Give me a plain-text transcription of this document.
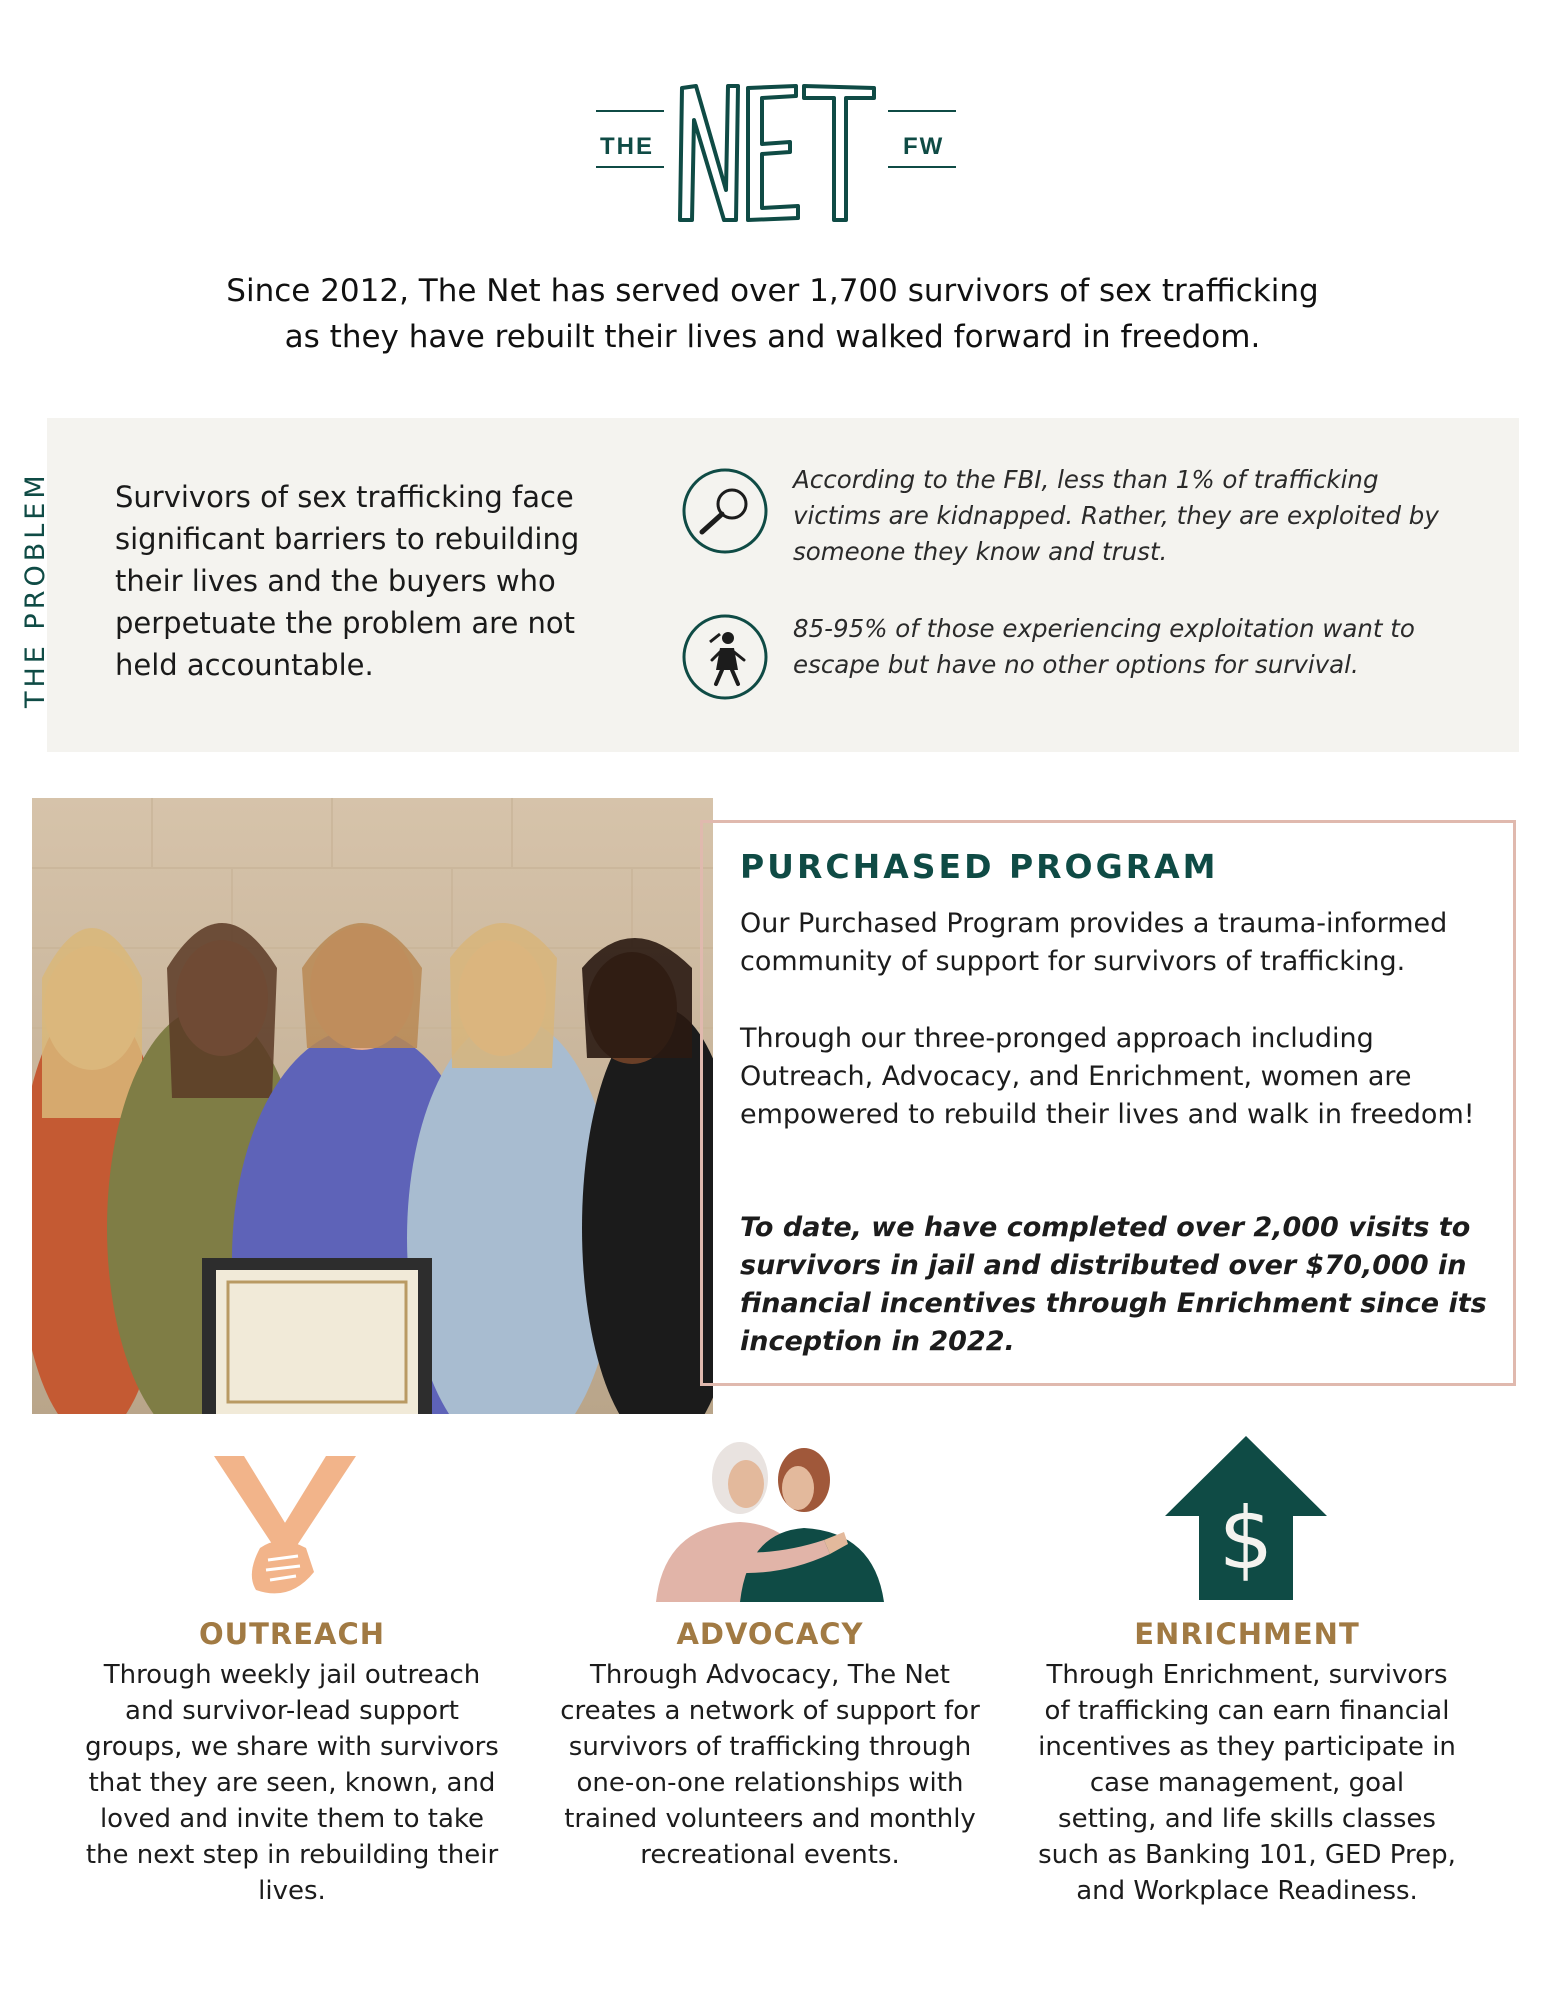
THE	FW
Since 2012, The Net has served over 1,700 survivors of sex trafficking
as they have rebuilt their lives and walked forward in freedom.
THE PROBLEM	Survivors of sex trafficking face significant barriers to rebuilding their lives and the buyers who perpetuate the problem are not held accountable.
According to the FBI, less than 1% of trafficking victims are kidnapped. Rather, they are exploited by someone they know and trust.
85-95% of those experiencing exploitation want to escape but have no other options for survival.
PURCHASED PROGRAM
Our Purchased Program provides a trauma-informed community of support for survivors of trafficking.
Through our three-pronged approach including Outreach, Advocacy, and Enrichment, women are empowered to rebuild their lives and walk in freedom!
To date, we have completed over 2,000 visits to survivors in jail and distributed over $70,000 in financial incentives through Enrichment since its inception in 2022.
OUTREACH
Through weekly jail outreach and survivor-lead support groups, we share with survivors that they are seen, known, and loved and invite them to take the next step in rebuilding their lives.
ADVOCACY
Through Advocacy, The Net creates a network of support for survivors of trafficking through one-on-one relationships with trained volunteers and monthly recreational events.
$
ENRICHMENT
Through Enrichment, survivors of trafficking can earn financial incentives as they participate in case management, goal setting, and life skills classes such as Banking 101, GED Prep, and Workplace Readiness.
